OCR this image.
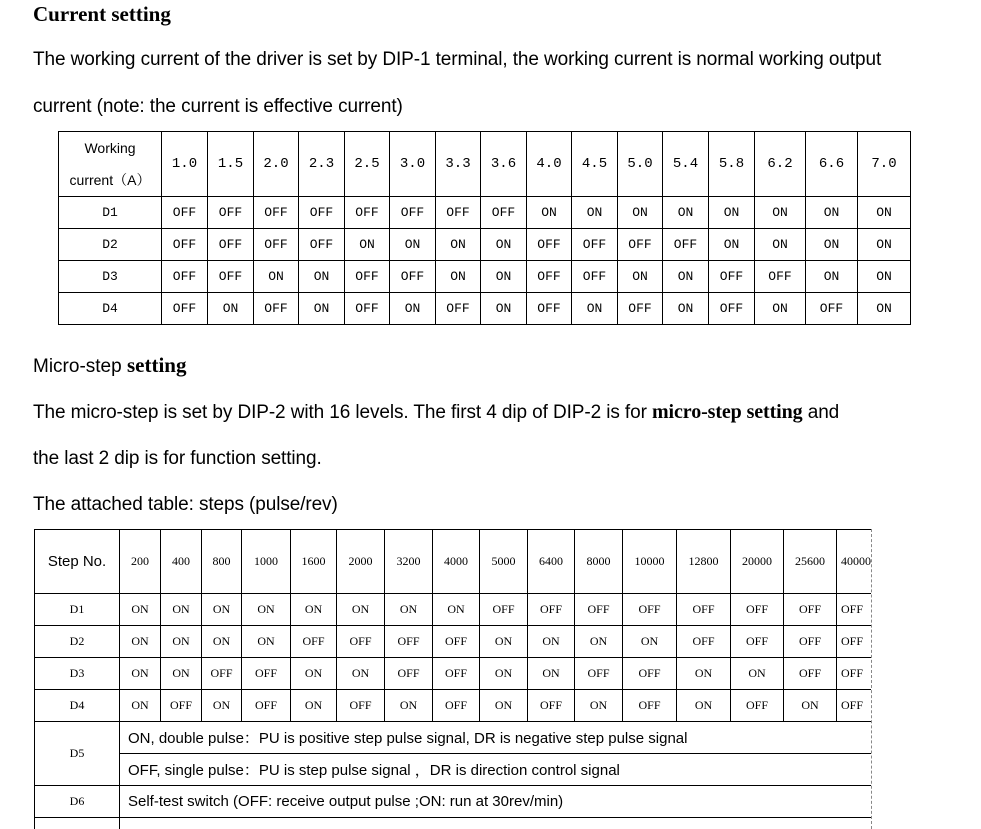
Current setting

The working current of the driver is set by DIP-1 terminal, the working current is normal working output

current (note: the current is effective current)

Working
current（A）	1.0	1.5	2.0	2.3	2.5	3.0	3.3	3.6	4.0	4.5	5.0	5.4	5.8	6.2	6.6	7.0
D1	OFF	OFF	OFF	OFF	OFF	OFF	OFF	OFF	ON	ON	ON	ON	ON	ON	ON	ON
D2	OFF	OFF	OFF	OFF	ON	ON	ON	ON	OFF	OFF	OFF	OFF	ON	ON	ON	ON
D3	OFF	OFF	ON	ON	OFF	OFF	ON	ON	OFF	OFF	ON	ON	OFF	OFF	ON	ON
D4	OFF	ON	OFF	ON	OFF	ON	OFF	ON	OFF	ON	OFF	ON	OFF	ON	OFF	ON
Micro-step setting

The micro-step is set by DIP-2 with 16 levels. The first 4 dip of DIP-2 is for micro-step setting and

the last 2 dip is for function setting.

The attached table: steps (pulse/rev)

Step No.	200	400	800	1000	1600	2000	3200	4000	5000	6400	8000	10000	12800	20000	25600	40000
D1	ON	ON	ON	ON	ON	ON	ON	ON	OFF	OFF	OFF	OFF	OFF	OFF	OFF	OFF
D2	ON	ON	ON	ON	OFF	OFF	OFF	OFF	ON	ON	ON	ON	OFF	OFF	OFF	OFF
D3	ON	ON	OFF	OFF	ON	ON	OFF	OFF	ON	ON	OFF	OFF	ON	ON	OFF	OFF
D4	ON	OFF	ON	OFF	ON	OFF	ON	OFF	ON	OFF	ON	OFF	ON	OFF	ON	OFF
D5	ON, double pulse：PU is positive step pulse signal, DR is negative step pulse signal															
	OFF, single pulse：PU is step pulse signal ，DR is direction control signal															
D6	Self-test switch (OFF: receive output pulse ;ON: run at 30rev/min)															
